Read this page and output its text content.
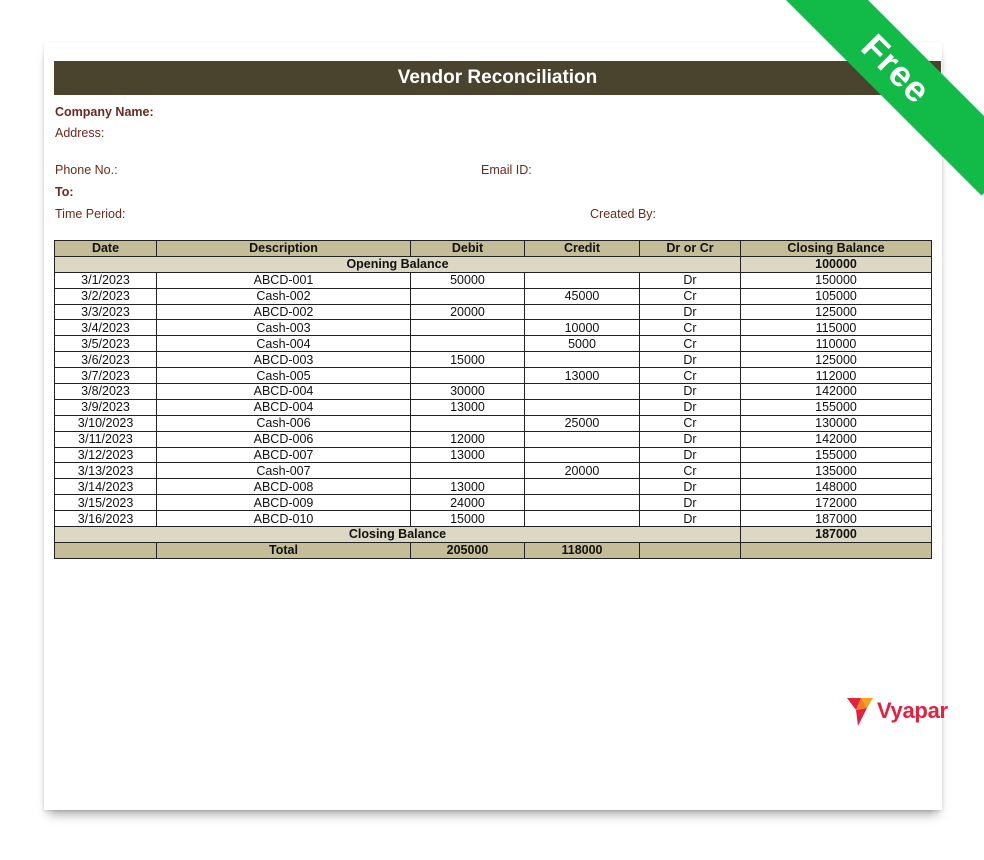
Vendor Reconciliation
Company Name:
Address:
Phone No.:	Email ID:
To:
Time Period:	Created By:
Date	Description	Debit	Credit	Dr or Cr	Closing Balance
Opening Balance					100000
3/1/2023	ABCD-001	50000		Dr	150000
3/2/2023	Cash-002		45000	Cr	105000
3/3/2023	ABCD-002	20000		Dr	125000
3/4/2023	Cash-003		10000	Cr	115000
3/5/2023	Cash-004		5000	Cr	110000
3/6/2023	ABCD-003	15000		Dr	125000
3/7/2023	Cash-005		13000	Cr	112000
3/8/2023	ABCD-004	30000		Dr	142000
3/9/2023	ABCD-004	13000		Dr	155000
3/10/2023	Cash-006		25000	Cr	130000
3/11/2023	ABCD-006	12000		Dr	142000
3/12/2023	ABCD-007	13000		Dr	155000
3/13/2023	Cash-007		20000	Cr	135000
3/14/2023	ABCD-008	13000		Dr	148000
3/15/2023	ABCD-009	24000		Dr	172000
3/16/2023	ABCD-010	15000		Dr	187000
Closing Balance					187000
	Total	205000	118000		
Vyapar
Free
